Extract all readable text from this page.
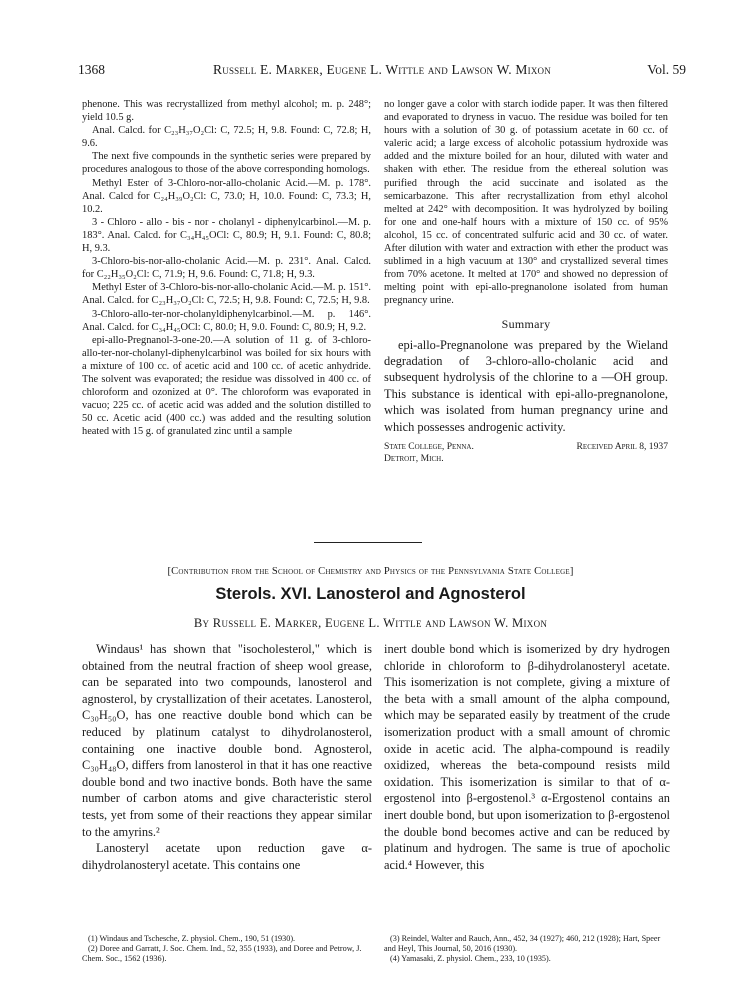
1368	Russell E. Marker, Eugene L. Wittle and Lawson W. Mixon	Vol. 59

phenone. This was recrystallized from methyl alcohol; m. p. 248°; yield 10.5 g.

Anal. Calcd. for C₂₃H₃₇O₂Cl: C, 72.5; H, 9.8. Found: C, 72.8; H, 9.6.

The next five compounds in the synthetic series were prepared by procedures analogous to those of the above corresponding homologs.

Methyl Ester of 3-Chloro-nor-allo-cholanic Acid.—M. p. 178°. Anal. Calcd for C₂₄H₃₉O₂Cl: C, 73.0; H, 10.0. Found: C, 73.3; H, 10.2.

3 - Chloro - allo - bis - nor - cholanyl - diphenylcarbinol.—M. p. 183°. Anal. Calcd. for C₃₄H₄₅OCl: C, 80.9; H, 9.1. Found: C, 80.8; H, 9.3.

3-Chloro-bis-nor-allo-cholanic Acid.—M. p. 231°. Anal. Calcd. for C₂₂H₃₅O₂Cl: C, 71.9; H, 9.6. Found: C, 71.8; H, 9.3.

Methyl Ester of 3-Chloro-bis-nor-allo-cholanic Acid.—M. p. 151°. Anal. Calcd. for C₂₃H₃₇O₂Cl: C, 72.5; H, 9.8. Found: C, 72.5; H, 9.8.

3-Chloro-allo-ter-nor-cholanyldiphenylcarbinol.—M. p. 146°. Anal. Calcd. for C₃₄H₄₅OCl: C, 80.0; H, 9.0. Found: C, 80.9; H, 9.2.

epi-allo-Pregnanol-3-one-20.—A solution of 11 g. of 3-chloro-allo-ter-nor-cholanyl-diphenylcarbinol was boiled for six hours with a mixture of 100 cc. of acetic acid and 100 cc. of acetic anhydride. The solvent was evaporated; the residue was dissolved in 400 cc. of chloroform and ozonized at 0°. The chloroform was evaporated in vacuo; 225 cc. of acetic acid was added and the solution distilled to 50 cc. Acetic acid (400 cc.) was added and the resulting solution heated with 15 g. of granulated zinc until a sample

no longer gave a color with starch iodide paper. It was then filtered and evaporated to dryness in vacuo. The residue was boiled for ten hours with a solution of 30 g. of potassium acetate in 60 cc. of valeric acid; a large excess of alcoholic potassium hydroxide was added and the mixture boiled for an hour, diluted with water and shaken with ether. The residue from the ethereal solution was purified through the acid succinate and isolated as the semicarbazone. This after recrystallization from ethyl alcohol melted at 242° with decomposition. It was hydrolyzed by boiling for one and one-half hours with a mixture of 150 cc. of 95% alcohol, 15 cc. of concentrated sulfuric acid and 30 cc. of water. After dilution with water and extraction with ether the product was sublimed in a high vacuum at 130° and crystallized several times from 70% acetone. It melted at 170° and showed no depression of melting point with epi-allo-pregnanolone isolated from human pregnancy urine.

Summary

epi-allo-Pregnanolone was prepared by the Wieland degradation of 3-chloro-allo-cholanic acid and subsequent hydrolysis of the chlorine to a —OH group. This substance is identical with epi-allo-pregnanolone, which was isolated from human pregnancy urine and which possesses androgenic activity.

State College, Penna.
Detroit, Mich.
Received April 8, 1937
[Contribution from the School of Chemistry and Physics of the Pennsylvania State College]
Sterols. XVI. Lanosterol and Agnosterol
By Russell E. Marker, Eugene L. Wittle and Lawson W. Mixon

Windaus¹ has shown that "isocholesterol," which is obtained from the neutral fraction of sheep wool grease, can be separated into two compounds, lanosterol and agnosterol, by crystallization of their acetates. Lanosterol, C₃₀H₅₀O, has one reactive double bond which can be reduced by platinum catalyst to dihydrolanosterol, containing one inactive double bond. Agnosterol, C₃₀H₄₈O, differs from lanosterol in that it has one reactive double bond and two inactive bonds. Both have the same number of carbon atoms and give characteristic sterol tests, yet from some of their reactions they appear similar to the amyrins.²

Lanosteryl acetate upon reduction gave α-dihydrolanosteryl acetate. This contains one

inert double bond which is isomerized by dry hydrogen chloride in chloroform to β-dihydrolanosteryl acetate. This isomerization is not complete, giving a mixture of the beta with a small amount of the alpha compound, which may be separated easily by treatment of the crude isomerization product with a small amount of chromic oxide in acetic acid. The alpha-compound is readily oxidized, whereas the beta-compound resists mild oxidation. This isomerization is similar to that of α-ergostenol into β-ergostenol.³ α-Ergostenol contains an inert double bond, but upon isomerization to β-ergostenol the double bond becomes active and can be reduced by platinum and hydrogen. The same is true of apocholic acid.⁴ However, this

(1) Windaus and Tschesche, Z. physiol. Chem., 190, 51 (1930).

(2) Doree and Garratt, J. Soc. Chem. Ind., 52, 355 (1933), and Doree and Petrow, J. Chem. Soc., 1562 (1936).

(3) Reindel, Walter and Rauch, Ann., 452, 34 (1927); 460, 212 (1928); Hart, Speer and Heyl, This Journal, 50, 2016 (1930).

(4) Yamasaki, Z. physiol. Chem., 233, 10 (1935).
